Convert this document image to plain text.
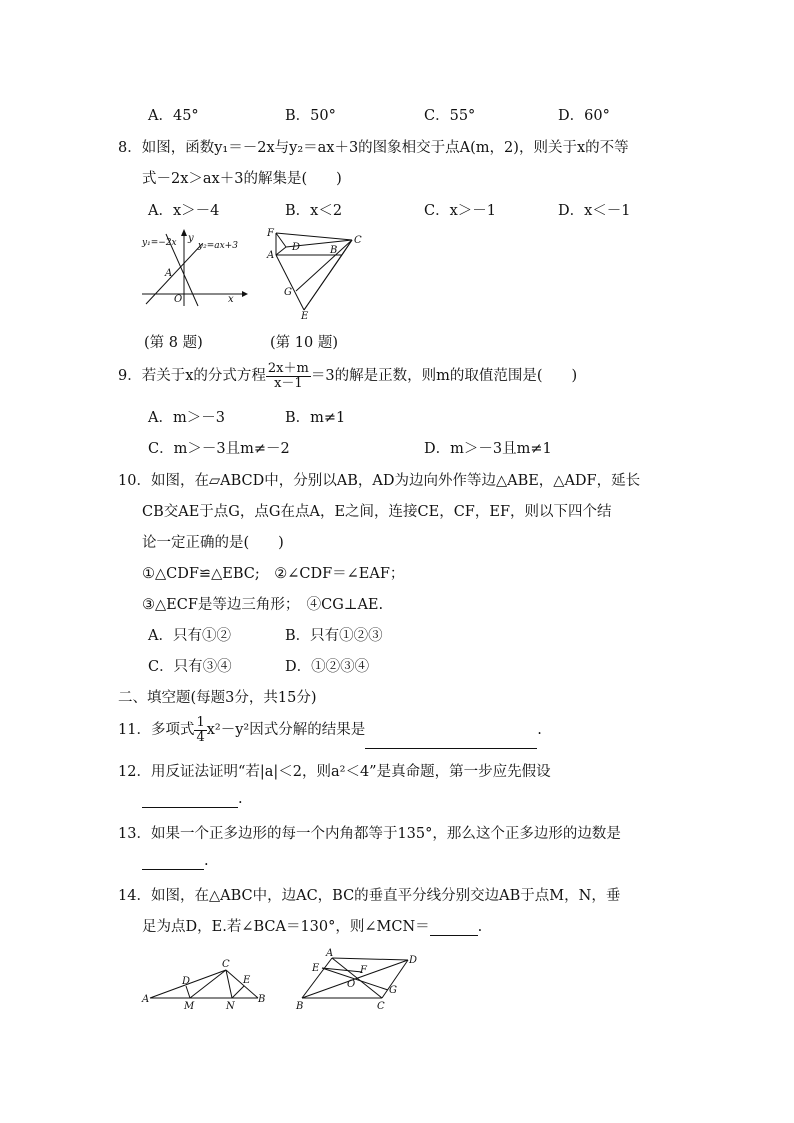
A．45°	B．50°	C．55°	D．60°
8．如图，函数y₁＝－2x与y₂＝ax＋3的图象相交于点A(m，2)，则关于x的不等
式－2x＞ax＋3的解集是(　　)
A．x＞－4	B．x＜2	C．x＞－1	D．x＜－1
y₁=−2x y₂=ax+3
y
x
A
O
F
D
C
A	B
G
E
(第 8 题)	(第 10 题)
9．若关于x的分式方程 $\frac{2x+m}{x-1} =3$的解是正数，则m的取值范围是(　　)
A．m＞－3	B．m≠1
C．m＞－3且m≠－2	D．m＞－3且m≠1
10．如图，在▱ABCD中，分别以AB，AD为边向外作等边△ABE，△ADF，延长
CB交AE于点G，点G在点A，E之间，连接CE，CF，EF，则以下四个结
论一定正确的是(　　)
①△CDF≌△EBC;　②∠CDF＝∠EAF；
③△ECF是等边三角形；　④CG⊥AE.
A．只有①②	B．只有①②③
C．只有③④	D．①②③④
二、填空题(每题3分，共15分)
11．多项式 $\frac{1}{4} x^2-y^2$因式分解的结果是	.
12．用反证法证明“若|a|＜2，则a²＜4”是真命题，第一步应先假设
.
13．如果一个正多边形的每一个内角都等于135°，那么这个正多边形的边数是
.
14．如图，在△ABC中，边AC，BC的垂直平分线分别交边AB于点M，N，垂
足为点D，E.若∠BCA＝130°，则∠MCN＝	.
A
D
C
E
M	N
B
A
D
E	F
O
G
B	C
